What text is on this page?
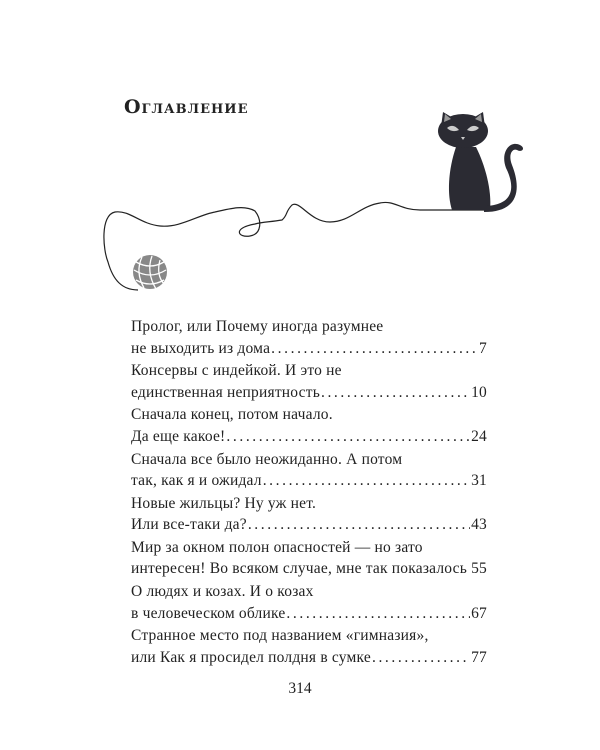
Оглавление
Пролог, или Почему иногда разумнее
не выходить из дома .....	7
Консервы с индейкой. И это не
единственная неприятность .....	10
Сначала конец, потом начало.
Да еще какое! .....	24
Сначала все было неожиданно. А потом
так, как я и ожидал .....	31
Новые жильцы? Ну уж нет.
Или все-таки да? .....	43
Мир за окном полон опасностей — но зато
интересен! Во всяком случае, мне так показалось 55
О людях и козах. И о козах
в человеческом облике .....	67
Странное место под названием «гимназия»,
или Как я просидел полдня в сумке .....	77
314
